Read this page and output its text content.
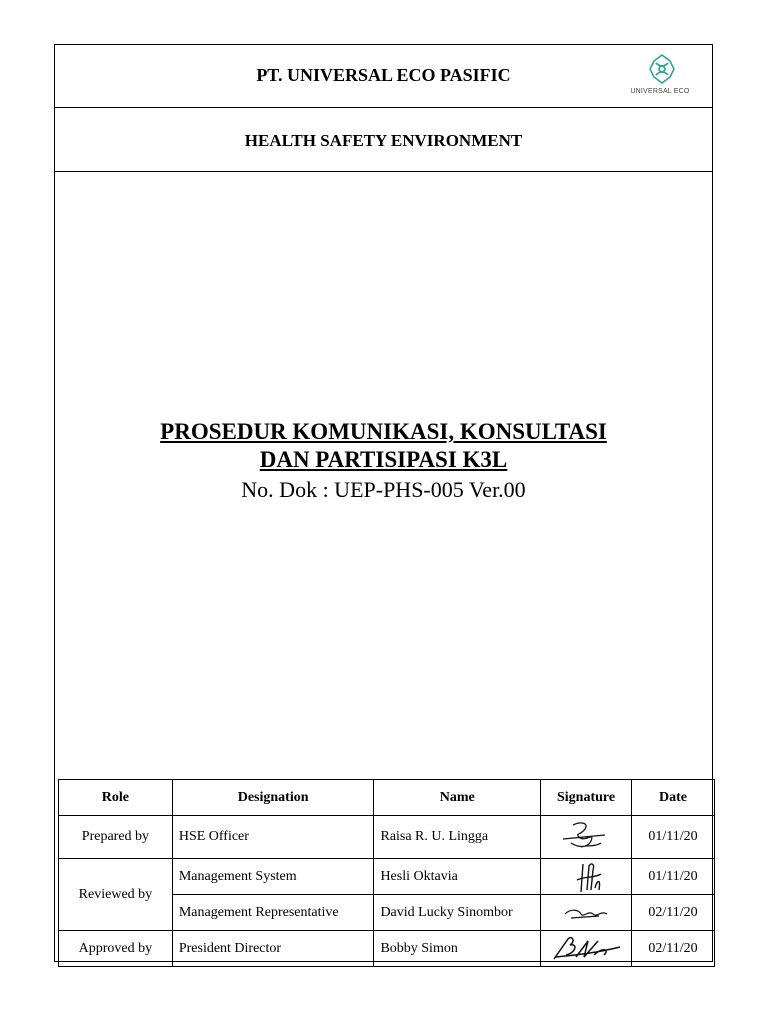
PT. UNIVERSAL ECO PASIFIC
UNIVERSAL ECO
HEALTH SAFETY ENVIRONMENT
PROSEDUR KOMUNIKASI, KONSULTASI
DAN PARTISIPASI K3L
No. Dok : UEP-PHS-005 Ver.00
Role	Designation	Name	Signature	Date
Prepared by	HSE Officer	Raisa R. U. Lingga		01/11/20
Reviewed by	Management System	Hesli Oktavia		01/11/20
	Management Representative	David Lucky Sinombor		02/11/20
Approved by	President Director	Bobby Simon		02/11/20
